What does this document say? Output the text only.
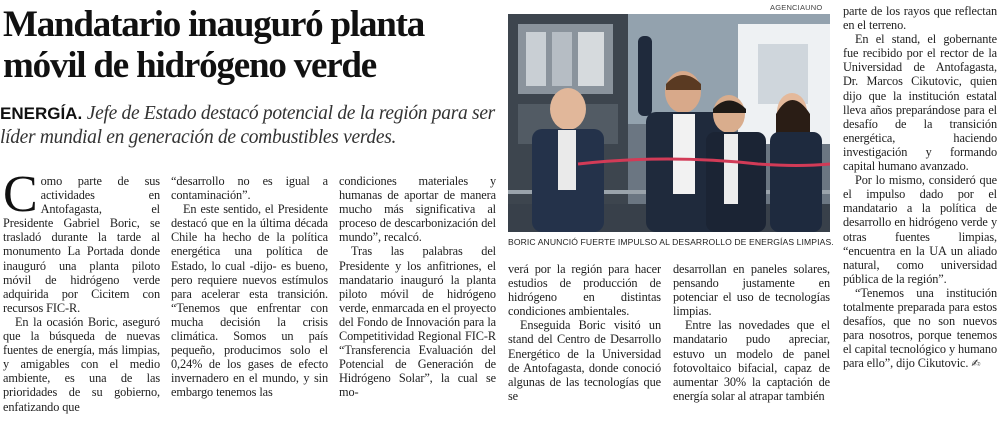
Mandatario inauguró planta
móvil de hidrógeno verde

ENERGÍA. Jefe de Estado destacó potencial de la región para ser líder mundial en generación de combustibles verdes.

Como parte de sus actividades en Antofagasta, el Presidente Gabriel Boric, se trasladó durante la tarde al monumento La Portada donde inauguró una planta piloto móvil de hidrógeno verde adquirida por Cicitem con recursos FIC-R.

En la ocasión Boric, aseguró que la búsqueda de nuevas fuentes de energía, más limpias, y amigables con el medio ambiente, es una de las prioridades de su gobierno, enfatizando que

“desarrollo no es igual a contaminación”.

En este sentido, el Presidente destacó que en la última década Chile ha hecho de la política energética una política de Estado, lo cual -dijo- es bueno, pero requiere nuevos estímulos para acelerar esta transición. “Tenemos que enfrentar con mucha decisión la crisis climática. Somos un país pequeño, producimos solo el 0,24% de los gases de efecto invernadero en el mundo, y sin embargo tenemos las

condiciones materiales y humanas de aportar de manera mucho más significativa al proceso de descarbonización del mundo”, recalcó.

Tras las palabras del Presidente y los anfitriones, el mandatario inauguró la planta piloto móvil de hidrógeno verde, enmarcada en el proyecto del Fondo de Innovación para la Competitividad Regional FIC-R “Transferencia Evaluación del Potencial de Generación de Hidrógeno Solar”, la cual se mo-

AGENCIAUNO

BORIC ANUNCIÓ FUERTE IMPULSO AL DESARROLLO DE ENERGÍAS LIMPIAS.

verá por la región para hacer estudios de producción de hidrógeno en distintas condiciones ambientales.

Enseguida Boric visitó un stand del Centro de Desarrollo Energético de la Universidad de Antofagasta, donde conoció algunas de las tecnologías que se

desarrollan en paneles solares, pensando justamente en potenciar el uso de tecnologías limpias.

Entre las novedades que el mandatario pudo apreciar, estuvo un modelo de panel fotovoltaico bifacial, capaz de aumentar 30% la captación de energía solar al atrapar también

parte de los rayos que reflectan en el terreno.

En el stand, el gobernante fue recibido por el rector de la Universidad de Antofagasta, Dr. Marcos Cikutovic, quien dijo que la institución estatal lleva años preparándose para el desafío de la transición energética, haciendo investigación y formando capital humano avanzado.

Por lo mismo, consideró que el impulso dado por el mandatario a la política de desarrollo en hidrógeno verde y otras fuentes limpias, “encuentra en la UA un aliado natural, como universidad pública de la región”.

“Tenemos una institución totalmente preparada para estos desafíos, que no son nuevos para nosotros, porque tenemos el capital tecnológico y humano para ello”, dijo Cikutovic. ✍
